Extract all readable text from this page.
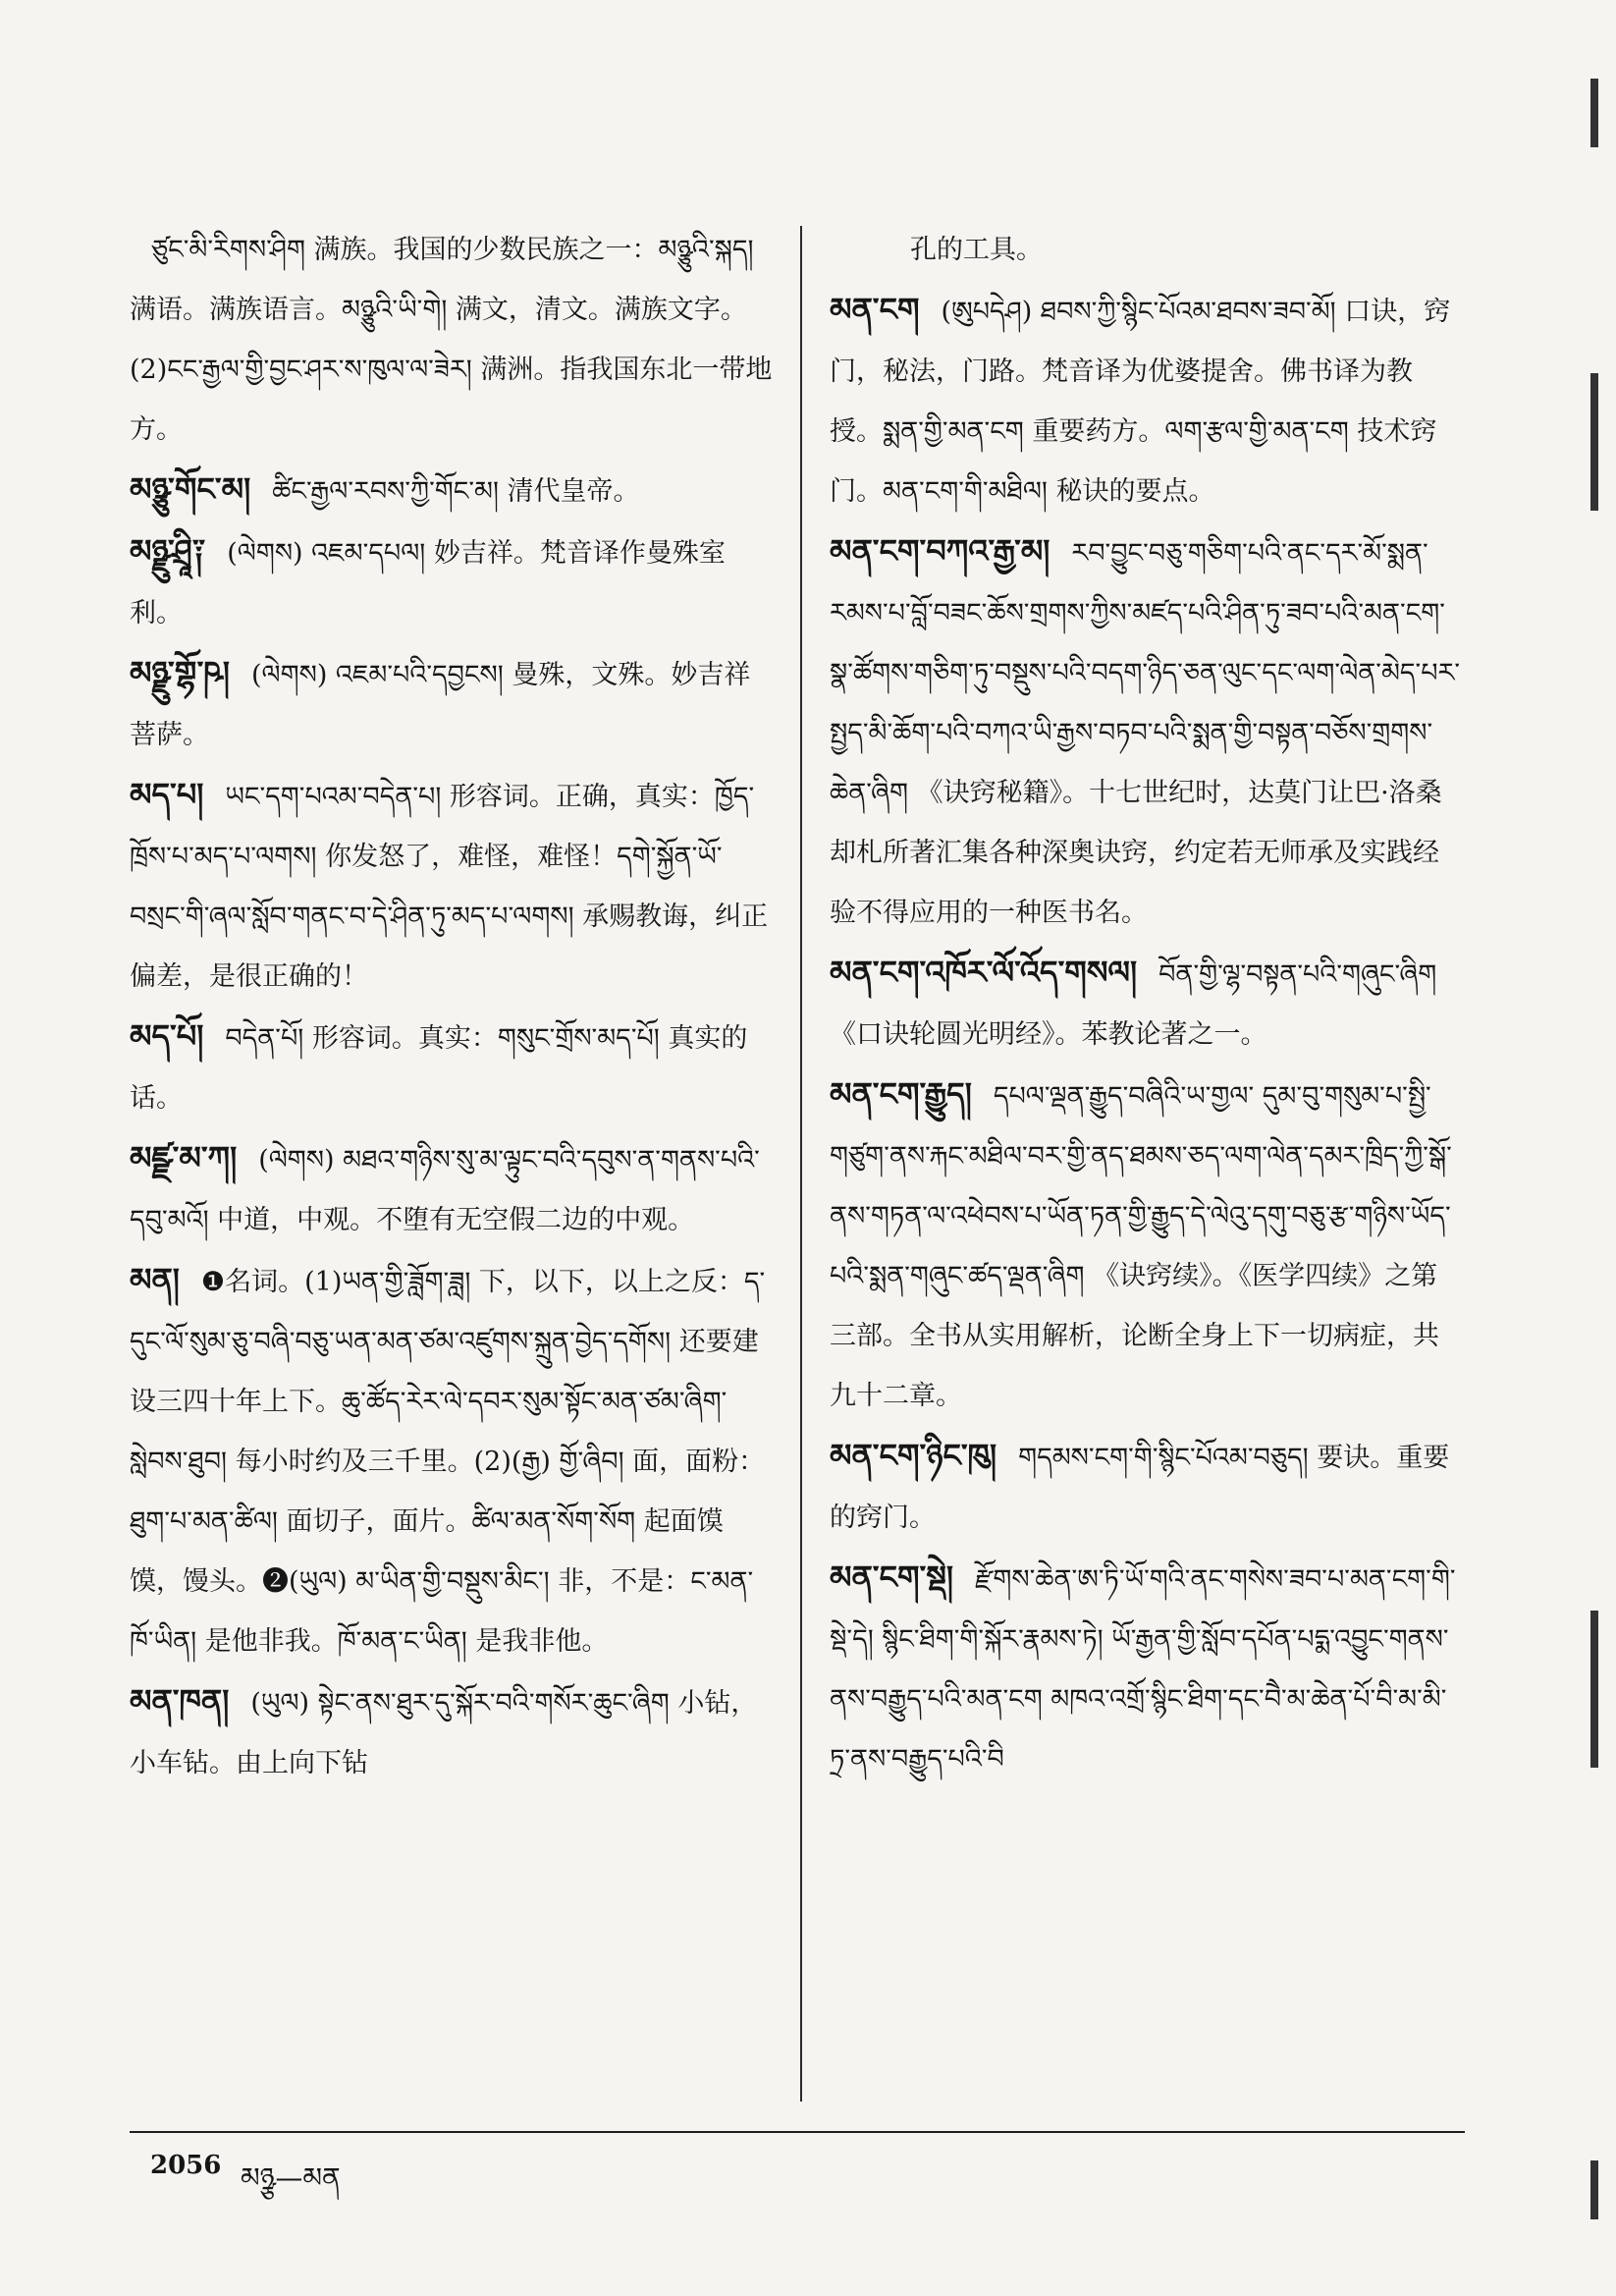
ཙུང་མི་རིགས་ཤིག 满族。我国的少数民族之一：མཉྩུའི་སྐད། 满语。满族语言。མཉྩུའི་ཡི་གེ། 满文，清文。满族文字。(2)ངང་རྒྱལ་གྱི་བྱང་ཤར་ས་ཁུལ་ལ་ཟེར། 满洲。指我国东北一带地方。
མཉྩུ་གོང་མ། ཚིང་རྒྱལ་རབས་ཀྱི་གོང་མ། 清代皇帝。
མཉྫུ་ཤྲཱི༑ (ལེགས) འཇམ་དཔལ། 妙吉祥。梵音译作曼殊室利。
མཉྫུ་གྷོ་ཥ། (ལེགས) འཇམ་པའི་དབྱངས། 曼殊，文殊。妙吉祥菩萨。
མད་པ། ཡང་དག་པའམ་བདེན་པ། 形容词。正确，真实：ཁྱོད་ཁྲོས་པ་མད་པ་ལགས། 你发怒了，难怪，难怪！དགེ་སྐྱོན་ཡོ་བསྲང་གི་ཞལ་སློབ་གནང་བ་དེ་ཤིན་ཏུ་མད་པ་ལགས། 承赐教诲，纠正偏差，是很正确的！
མད་པོ། བདེན་པོ། 形容词。真实：གསུང་གྲོས་མད་པོ། 真实的话。
མཛྫ་མ་ཀ། (ལེགས) མཐའ་གཉིས་སུ་མ་ལྟུང་བའི་དབུས་ན་གནས་པའི་དབུ་མའོ། 中道，中观。不堕有无空假二边的中观。
མན། ❶名词。(1)ཡན་གྱི་ཟློག་ཟླ། 下，以下，以上之反：ད་དུང་ལོ་སུམ་ཅུ་བཞི་བཅུ་ཡན་མན་ཙམ་འཛུགས་སྐྲུན་བྱེད་དགོས། 还要建设三四十年上下。ཆུ་ཚོད་རེར་ལེ་དབར་སུམ་སྟོང་མན་ཙམ་ཞིག་སླེབས་ཐུབ། 每小时约及三千里。(2)(རྒྱ) གྱོ་ཞིབ། 面，面粉：ཐུག་པ་མན་ཚིལ། 面切子，面片。ཚིལ་མན་སོག་སོག 起面馍馍，馒头。❷(ཡུལ) མ་ཡིན་གྱི་བསྡུས་མིང་། 非，不是：ང་མན་ཁོ་ཡིན། 是他非我。ཁོ་མན་ང་ཡིན། 是我非他。
མན་ཁན། (ཡུལ) སྟེང་ནས་ཐུར་དུ་སྐོར་བའི་གསོར་ཆུང་ཞིག 小钻，小车钻。由上向下钻
孔的工具。
མན་ངག (ཨུཔདེཤ) ཐབས་ཀྱི་སྙིང་པོའམ་ཐབས་ཟབ་མོ། 口诀，窍门，秘法，门路。梵音译为优婆提舍。佛书译为教授。སྨན་གྱི་མན་ངག 重要药方。ལག་རྩལ་གྱི་མན་ངག 技术窍门。མན་ངག་གི་མཐིལ། 秘诀的要点。
མན་ངག་བཀའ་རྒྱ་མ། རབ་བྱུང་བཅུ་གཅིག་པའི་ནང་དར་མོ་སྨན་རམས་པ་བློ་བཟང་ཆོས་གྲགས་ཀྱིས་མཛད་པའི་ཤིན་ཏུ་ཟབ་པའི་མན་ངག་སྣ་ཚོགས་གཅིག་ཏུ་བསྡུས་པའི་བདག་ཉིད་ཅན་ལུང་དང་ལག་ལེན་མེད་པར་སྤྱད་མི་ཆོག་པའི་བཀའ་ཡི་རྒྱས་བཏབ་པའི་སྨན་གྱི་བསྟན་བཅོས་གྲགས་ཆེན་ཞིག 《诀窍秘籍》。十七世纪时，达莫门让巴·洛桑却札所著汇集各种深奥诀窍，约定若无师承及实践经验不得应用的一种医书名。
མན་ངག་འཁོར་ལོ་འོད་གསལ། བོན་གྱི་ལྷ་བསྟན་པའི་གཞུང་ཞིག 《口诀轮圆光明经》。苯教论著之一。
མན་ངག་རྒྱུད། དཔལ་ལྡན་རྒྱུད་བཞིའི་ཡ་གྱལ་ དུམ་བུ་གསུམ་པ་སྤྱི་གཙུག་ནས་རྐང་མཐིལ་བར་གྱི་ནད་ཐམས་ཅད་ལག་ལེན་དམར་ཁྲིད་ཀྱི་སྒོ་ནས་གཏན་ལ་འཕེབས་པ་ཡོན་ཏན་གྱི་རྒྱུད་དེ་ལེའུ་དགུ་བཅུ་རྩ་གཉིས་ཡོད་པའི་སྨན་གཞུང་ཚད་ལྡན་ཞིག 《诀窍续》。《医学四续》之第三部。全书从实用解析，论断全身上下一切病症，共九十二章。
མན་ངག་ཉིང་ཁུ། གདམས་ངག་གི་སྙིང་པོའམ་བཅུད། 要诀。重要的窍门。
མན་ངག་སྡེ། རྫོགས་ཆེན་ཨ་ཏི་ཡོ་གའི་ནང་གསེས་ཟབ་པ་མན་ངག་གི་སྡེ་དེ། སྙིང་ཐིག་གི་སྐོར་རྣམས་ཏེ། ཡོ་རྒྱན་གྱི་སློབ་དཔོན་པདྨ་འབྱུང་གནས་ནས་བརྒྱུད་པའི་མན་ངག མཁའ་འགྲོ་སྙིང་ཐིག་དང་བཻ་མ་ཆེན་པོ་བི་མ་མི་ཏྲ་ནས་བརྒྱུད་པའི་བི
2056 མཉྩ—མན
